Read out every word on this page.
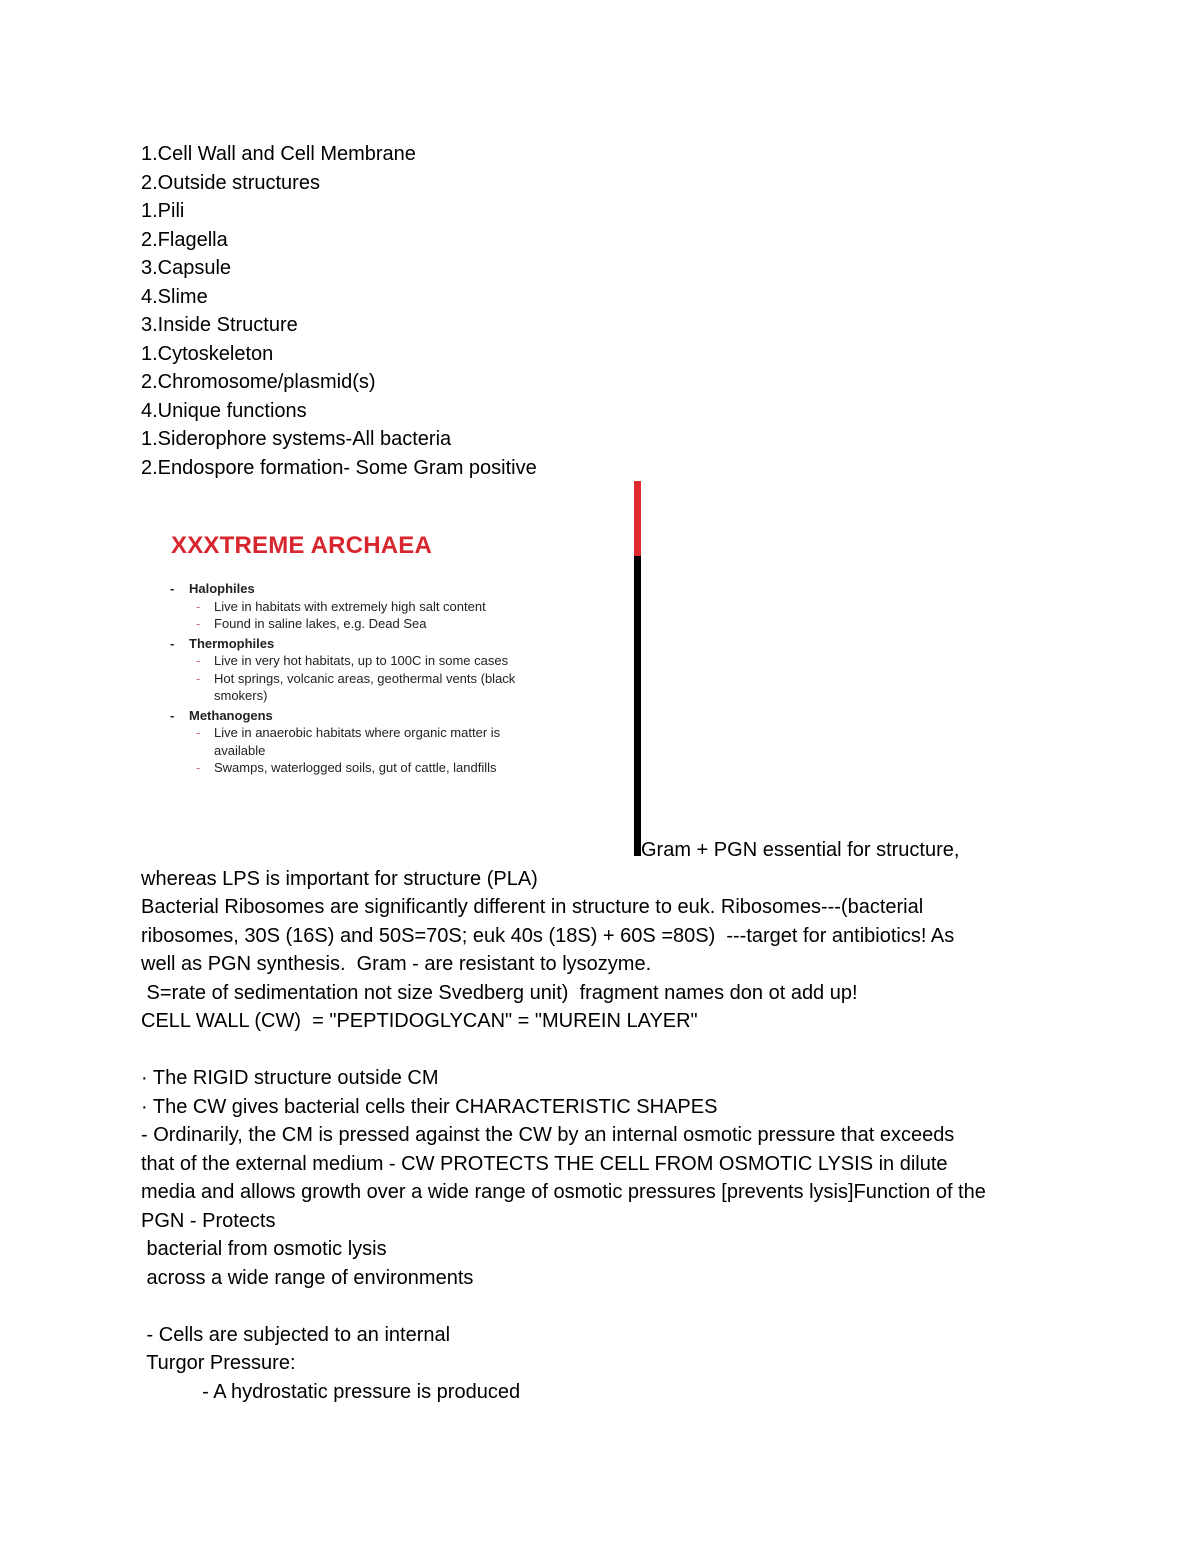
1.Cell Wall and Cell Membrane
2.Outside structures
1.Pili
2.Flagella
3.Capsule
4.Slime
3.Inside Structure
1.Cytoskeleton
2.Chromosome/plasmid(s)
4.Unique functions
1.Siderophore systems-All bacteria
2.Endospore formation- Some Gram positive
XXXTREME ARCHAEA
- Halophiles
- Live in habitats with extremely high salt content
- Found in saline lakes, e.g. Dead Sea
- Thermophiles
- Live in very hot habitats, up to 100C in some cases
- Hot springs, volcanic areas, geothermal vents (black smokers)
- Methanogens
- Live in anaerobic habitats where organic matter is available
- Swamps, waterlogged soils, gut of cattle, landfills
Gram + PGN essential for structure,
whereas LPS is important for structure (PLA)
Bacterial Ribosomes are significantly different in structure to euk. Ribosomes---(bacterial
ribosomes, 30S (16S) and 50S=70S; euk 40s (18S) + 60S =80S)  ---target for antibiotics! As
well as PGN synthesis.  Gram - are resistant to lysozyme.
S=rate of sedimentation not size Svedberg unit)  fragment names don ot add up!
CELL WALL (CW)  = "PEPTIDOGLYCAN" = "MUREIN LAYER"
· The RIGID structure outside CM
· The CW gives bacterial cells their CHARACTERISTIC SHAPES
- Ordinarily, the CM is pressed against the CW by an internal osmotic pressure that exceeds
that of the external medium - CW PROTECTS THE CELL FROM OSMOTIC LYSIS in dilute
media and allows growth over a wide range of osmotic pressures [prevents lysis]Function of the
PGN - Protects
bacterial from osmotic lysis
across a wide range of environments
- Cells are subjected to an internal
Turgor Pressure:
- A hydrostatic pressure is produced
